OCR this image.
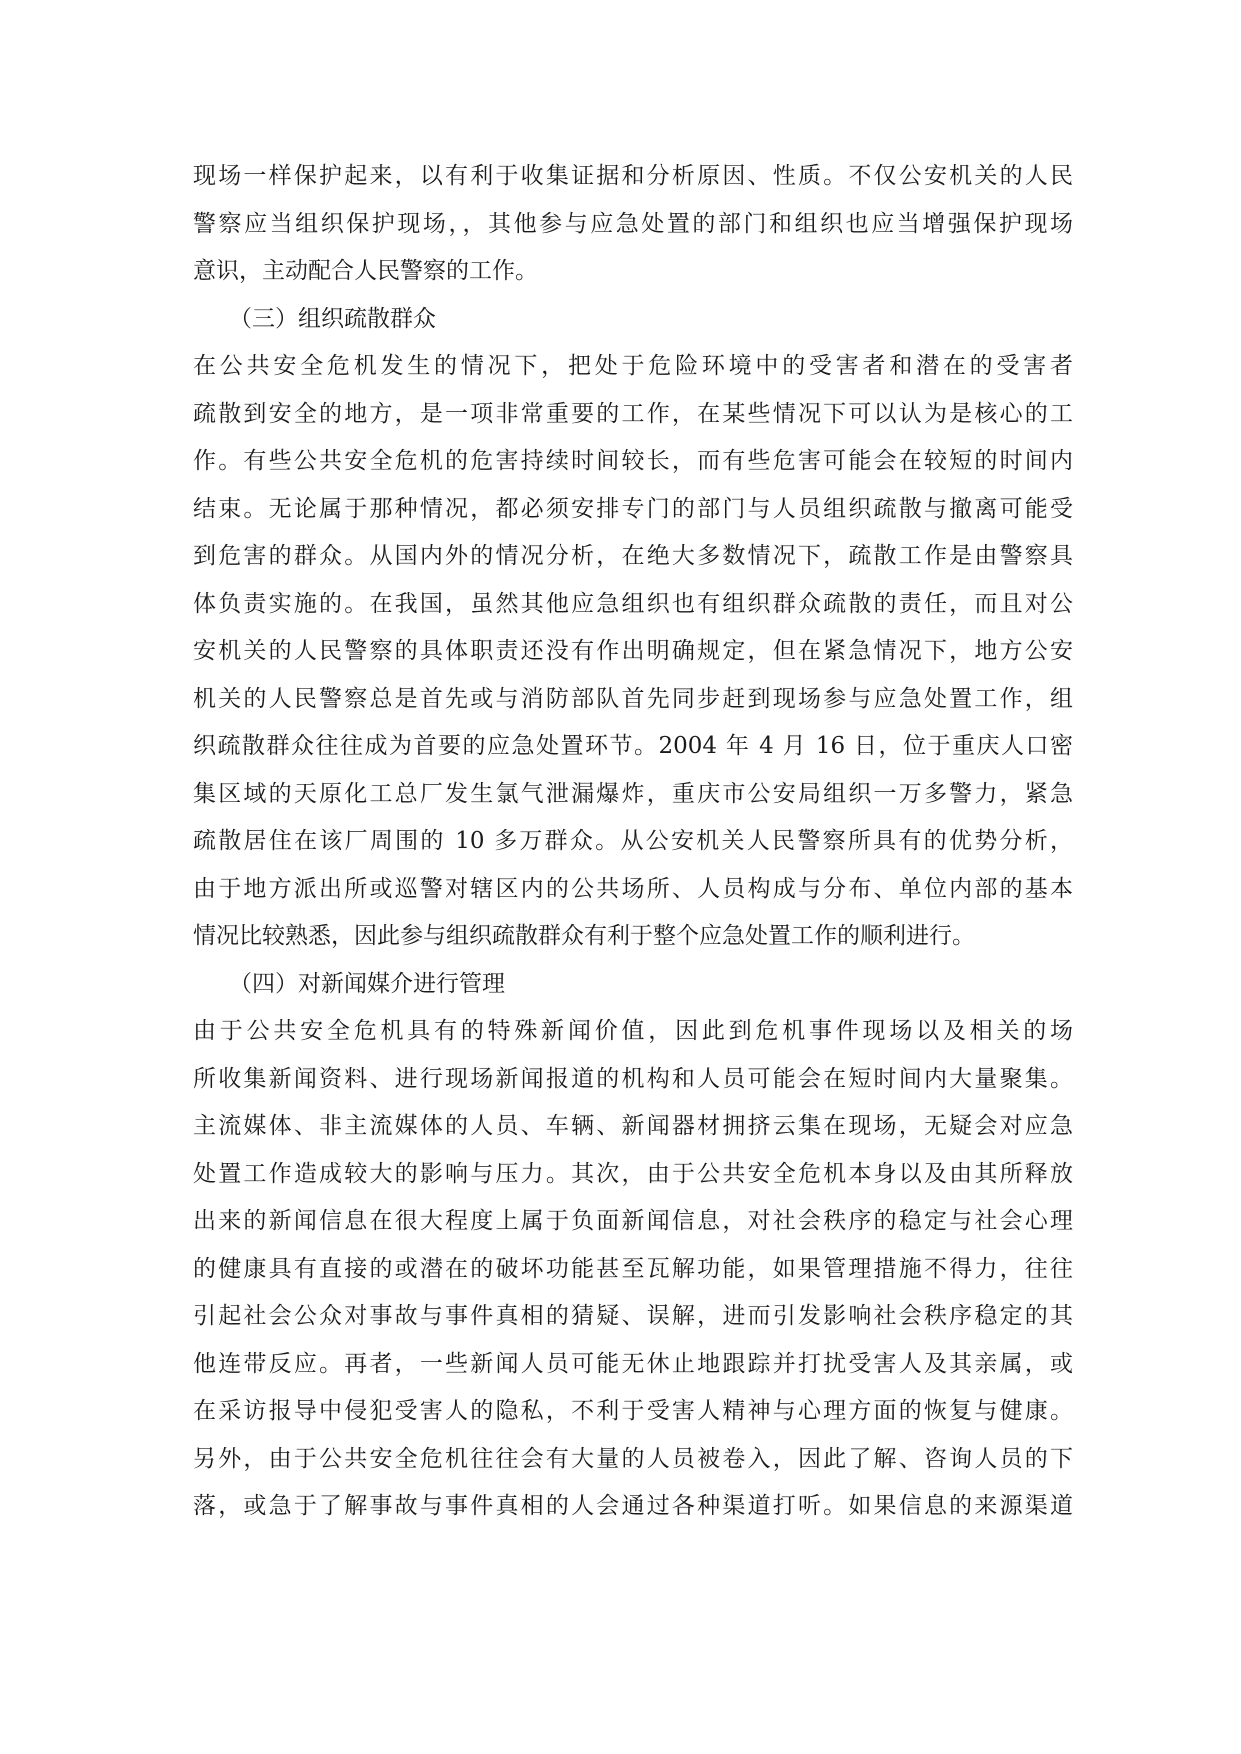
现场一样保护起来，以有利于收集证据和分析原因、性质。不仅公安机关的人民
警察应当组织保护现场，，其他参与应急处置的部门和组织也应当增强保护现场
意识，主动配合人民警察的工作。
（三）组织疏散群众
在公共安全危机发生的情况下，把处于危险环境中的受害者和潜在的受害者
疏散到安全的地方，是一项非常重要的工作，在某些情况下可以认为是核心的工
作。有些公共安全危机的危害持续时间较长，而有些危害可能会在较短的时间内
结束。无论属于那种情况，都必须安排专门的部门与人员组织疏散与撤离可能受
到危害的群众。从国内外的情况分析，在绝大多数情况下，疏散工作是由警察具
体负责实施的。在我国，虽然其他应急组织也有组织群众疏散的责任，而且对公
安机关的人民警察的具体职责还没有作出明确规定，但在紧急情况下，地方公安
机关的人民警察总是首先或与消防部队首先同步赶到现场参与应急处置工作，组
织疏散群众往往成为首要的应急处置环节。2004 年 4 月 16 日，位于重庆人口密
集区域的天原化工总厂发生氯气泄漏爆炸，重庆市公安局组织一万多警力，紧急
疏散居住在该厂周围的 10 多万群众。从公安机关人民警察所具有的优势分析，
由于地方派出所或巡警对辖区内的公共场所、人员构成与分布、单位内部的基本
情况比较熟悉，因此参与组织疏散群众有利于整个应急处置工作的顺利进行。
（四）对新闻媒介进行管理
由于公共安全危机具有的特殊新闻价值，因此到危机事件现场以及相关的场
所收集新闻资料、进行现场新闻报道的机构和人员可能会在短时间内大量聚集。
主流媒体、非主流媒体的人员、车辆、新闻器材拥挤云集在现场，无疑会对应急
处置工作造成较大的影响与压力。其次，由于公共安全危机本身以及由其所释放
出来的新闻信息在很大程度上属于负面新闻信息，对社会秩序的稳定与社会心理
的健康具有直接的或潜在的破坏功能甚至瓦解功能，如果管理措施不得力，往往
引起社会公众对事故与事件真相的猜疑、误解，进而引发影响社会秩序稳定的其
他连带反应。再者，一些新闻人员可能无休止地跟踪并打扰受害人及其亲属，或
在采访报导中侵犯受害人的隐私，不利于受害人精神与心理方面的恢复与健康。
另外，由于公共安全危机往往会有大量的人员被卷入，因此了解、咨询人员的下
落，或急于了解事故与事件真相的人会通过各种渠道打听。如果信息的来源渠道
